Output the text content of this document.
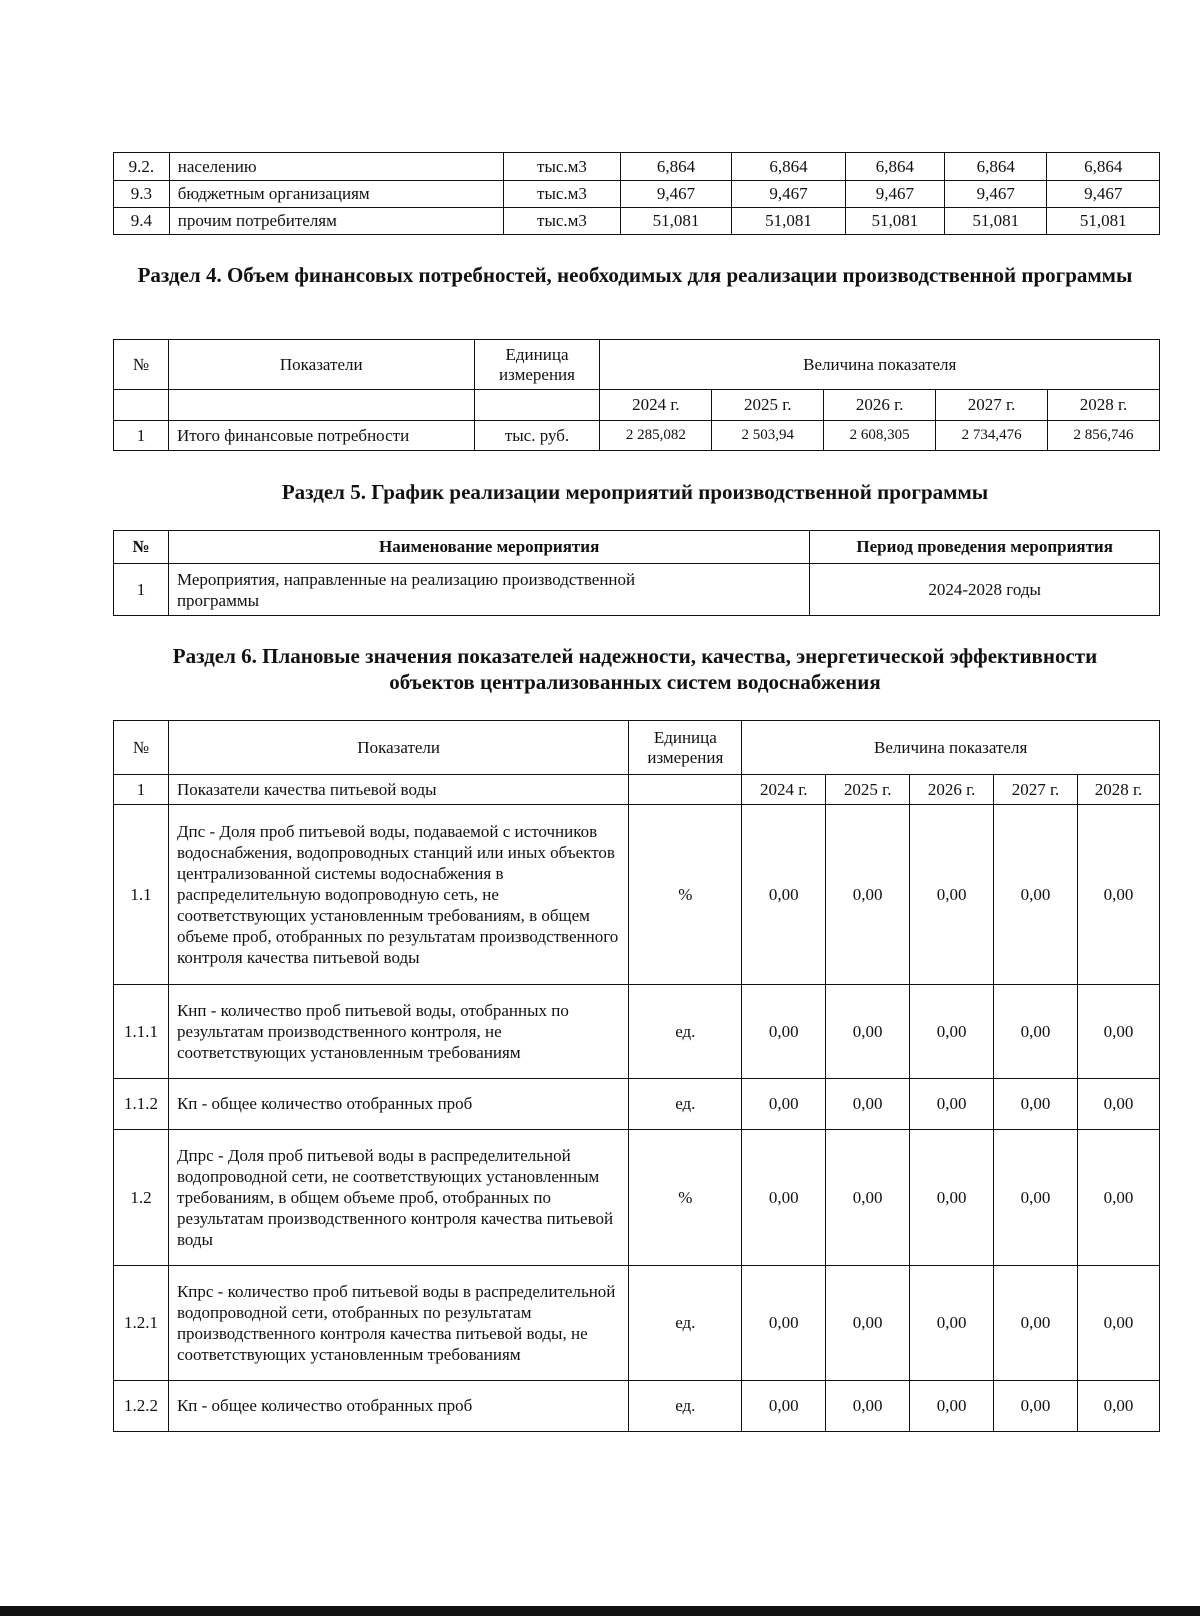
9.2.	населению	тыс.м3	6,864	6,864	6,864	6,864	6,864
9.3	бюджетным организациям	тыс.м3	9,467	9,467	9,467	9,467	9,467
9.4	прочим потребителям	тыс.м3	51,081	51,081	51,081	51,081	51,081
Раздел 4. Объем финансовых потребностей, необходимых для реализации производственной программы
№	Показатели	Единица измерения	Величина показателя				
			2024 г.	2025 г.	2026 г.	2027 г.	2028 г.
1	Итого финансовые потребности	тыс. руб.	2 285,082	2 503,94	2 608,305	2 734,476	2 856,746
Раздел 5. График реализации мероприятий производственной программы
№	Наименование мероприятия	Период проведения мероприятия
1	Мероприятия, направленные на реализацию производственной программы	2024-2028 годы
Раздел 6. Плановые значения показателей надежности, качества, энергетической эффективности объектов централизованных систем водоснабжения
№	Показатели	Единица измерения	Величина показателя				
1	Показатели качества питьевой воды		2024 г.	2025 г.	2026 г.	2027 г.	2028 г.
1.1	Дпс - Доля проб питьевой воды, подаваемой с источников водоснабжения, водопроводных станций или иных объектов централизованной системы водоснабжения в распределительную водопроводную сеть, не соответствующих установленным требованиям, в общем объеме проб, отобранных по результатам производственного контроля качества питьевой воды	%	0,00	0,00	0,00	0,00	0,00
1.1.1	Кнп - количество проб питьевой воды, отобранных по результатам производственного контроля, не соответствующих установленным требованиям	ед.	0,00	0,00	0,00	0,00	0,00
1.1.2	Кп - общее количество отобранных проб	ед.	0,00	0,00	0,00	0,00	0,00
1.2	Дпрс - Доля проб питьевой воды в распределительной водопроводной сети, не соответствующих установленным требованиям, в общем объеме проб, отобранных по результатам производственного контроля качества питьевой воды	%	0,00	0,00	0,00	0,00	0,00
1.2.1	Кпрс - количество проб питьевой воды в распределительной водопроводной сети, отобранных по результатам производственного контроля качества питьевой воды, не соответствующих установленным требованиям	ед.	0,00	0,00	0,00	0,00	0,00
1.2.2	Кп - общее количество отобранных проб	ед.	0,00	0,00	0,00	0,00	0,00
